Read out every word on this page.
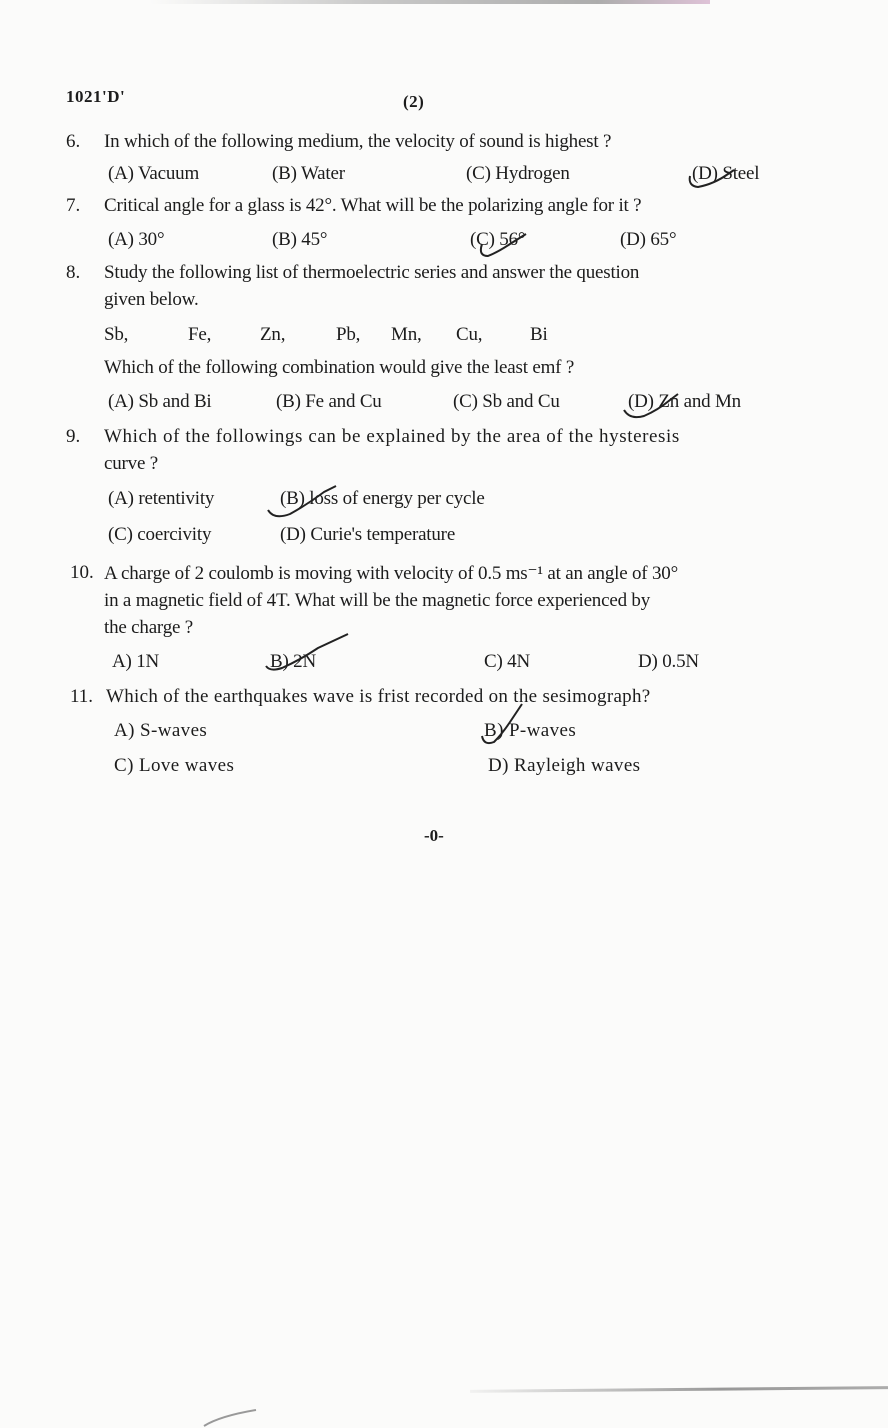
1021'D'	(2)
6. In which of the following medium, the velocity of sound is highest ?
(A) Vacuum	(B) Water	(C) Hydrogen	(D) Steel
7. Critical angle for a glass is 42°. What will be the polarizing angle for it ?
(A) 30°	(B) 45°	(C) 56°	(D) 65°
8. Study the following list of thermoelectric series and answer the question
given below.
Sb,	Fe,	Zn,	Pb, Mn, Cu,	Bi
Which of the following combination would give the least emf ?
(A) Sb and Bi	(B) Fe and Cu	(C) Sb and Cu	(D) Zn and Mn
9. Which of the followings can be explained by the area of the hysteresis
curve ?
(A) retentivity	(B) loss of energy per cycle
(C) coercivity	(D) Curie's temperature
10. A charge of 2 coulomb is moving with velocity of 0.5 ms⁻¹ at an angle of 30°
in a magnetic field of 4T. What will be the magnetic force experienced by
the charge ?
A) 1N	B) 2N	C) 4N	D) 0.5N
11. Which of the earthquakes wave is frist recorded on the sesimograph?
A) S-waves	B) P-waves
C) Love waves	D) Rayleigh waves
-0-
